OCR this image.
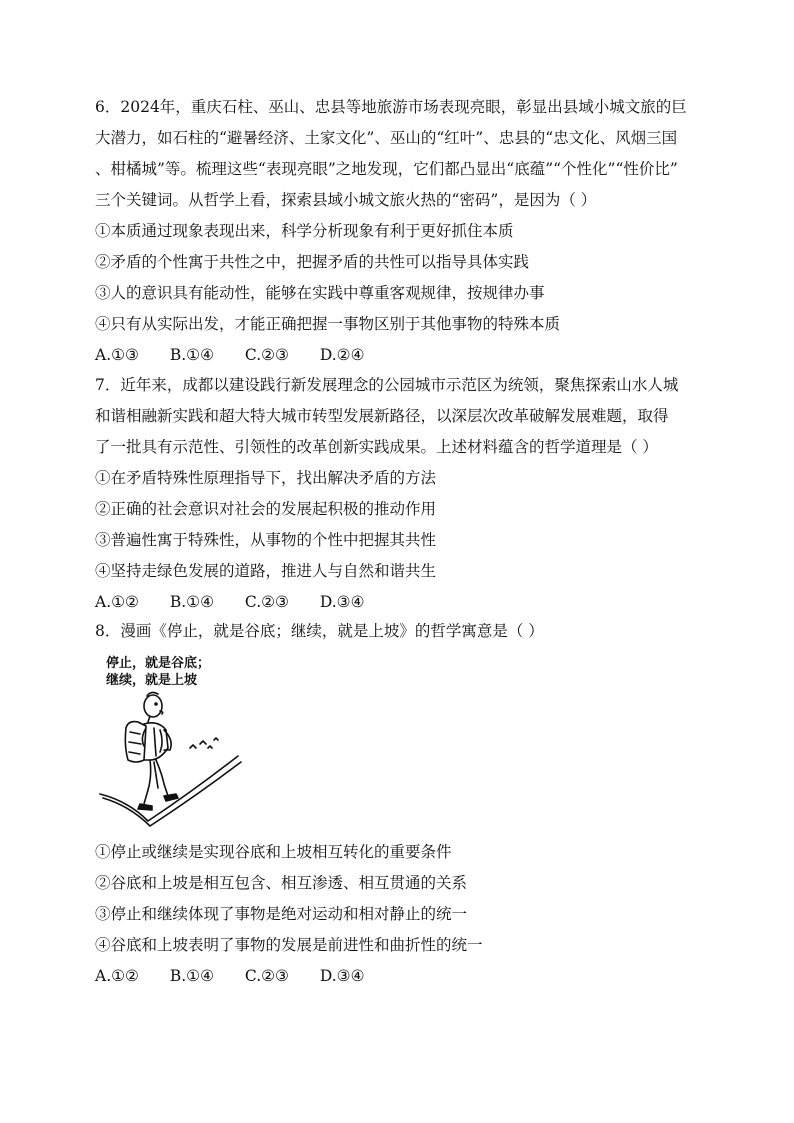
6．2024年，重庆石柱、巫山、忠县等地旅游市场表现亮眼，彰显出县域小城文旅的巨
大潜力，如石柱的“避暑经济、土家文化”、巫山的“红叶”、忠县的“忠文化、风烟三国
、柑橘城”等。梳理这些“表现亮眼”之地发现，它们都凸显出“底蕴”“个性化”“性价比”
三个关键词。从哲学上看，探索县域小城文旅火热的“密码”，是因为（ ）
①本质通过现象表现出来，科学分析现象有利于更好抓住本质
②矛盾的个性寓于共性之中，把握矛盾的共性可以指导具体实践
③人的意识具有能动性，能够在实践中尊重客观规律，按规律办事
④只有从实际出发，才能正确把握一事物区别于其他事物的特殊本质
A.①③ B.①④ C.②③ D.②④
7．近年来，成都以建设践行新发展理念的公园城市示范区为统领，聚焦探索山水人城
和谐相融新实践和超大特大城市转型发展新路径，以深层次改革破解发展难题，取得
了一批具有示范性、引领性的改革创新实践成果。上述材料蕴含的哲学道理是（ ）
①在矛盾特殊性原理指导下，找出解决矛盾的方法
②正确的社会意识对社会的发展起积极的推动作用
③普遍性寓于特殊性，从事物的个性中把握其共性
④坚持走绿色发展的道路，推进人与自然和谐共生
A.①② B.①④ C.②③ D.③④
8．漫画《停止，就是谷底；继续，就是上坡》的哲学寓意是（ ）
停止，就是谷底；
继续，就是上坡
①停止或继续是实现谷底和上坡相互转化的重要条件
②谷底和上坡是相互包含、相互渗透、相互贯通的关系
③停止和继续体现了事物是绝对运动和相对静止的统一
④谷底和上坡表明了事物的发展是前进性和曲折性的统一
A.①② B.①④ C.②③ D.③④
